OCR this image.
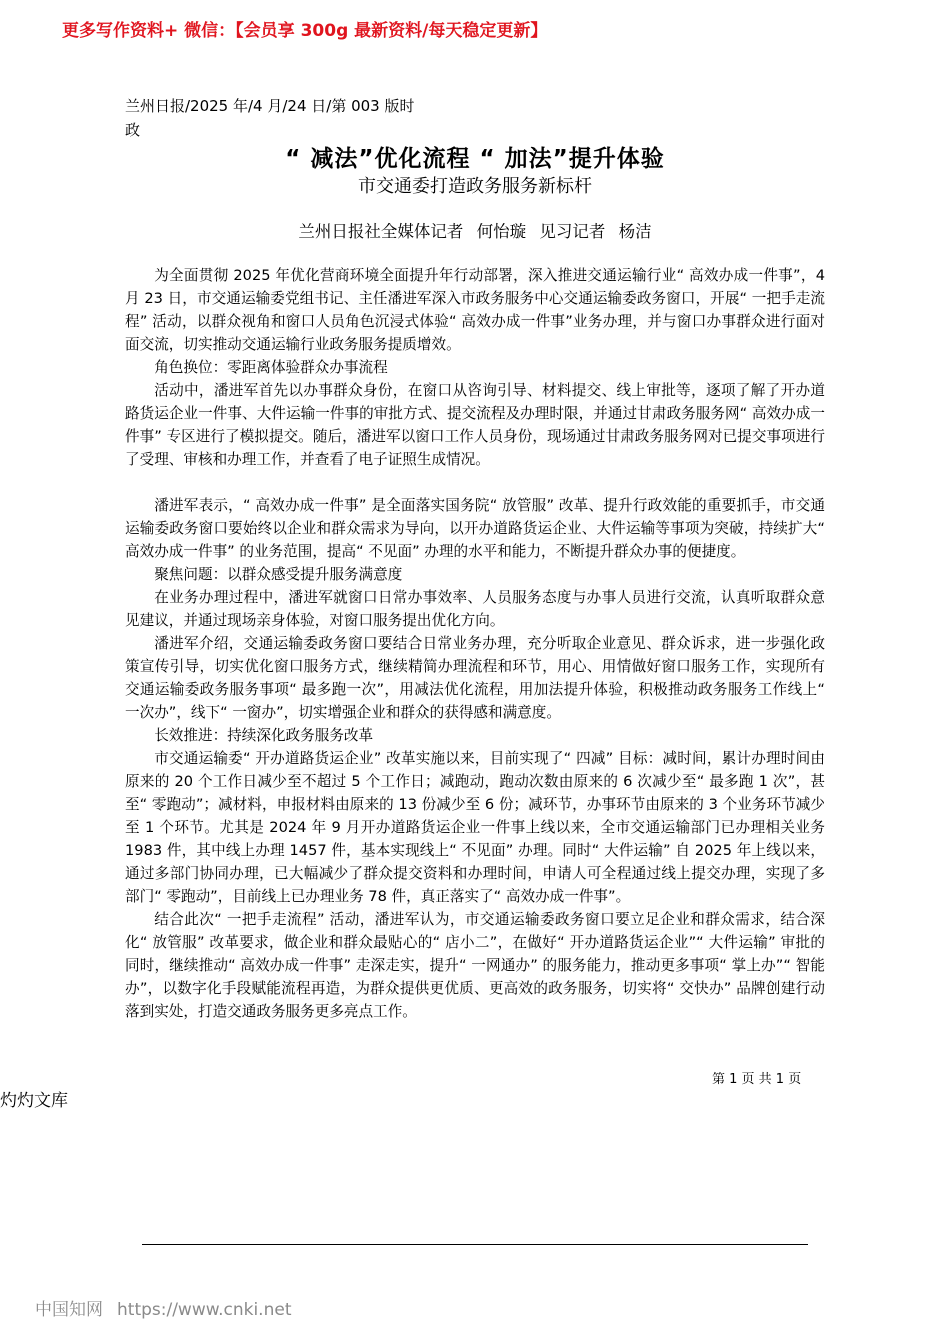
更多写作资料+ 微信：【会员享 300g 最新资料/每天稳定更新】
兰州日报/2025 年/4 月/24 日/第 003 版时政
“ 减法”优化流程 “ 加法”提升体验
市交通委打造政务服务新标杆
兰州日报社全媒体记者 何怡璇 见习记者 杨洁

为全面贯彻 2025 年优化营商环境全面提升年行动部署，深入推进交通运输行业“ 高效办成一件事”，4 月 23 日，市交通运输委党组书记、主任潘进军深入市政务服务中心交通运输委政务窗口，开展“ 一把手走流程” 活动，以群众视角和窗口人员角色沉浸式体验“ 高效办成一件事”业务办理，并与窗口办事群众进行面对面交流，切实推动交通运输行业政务服务提质增效。

角色换位：零距离体验群众办事流程

活动中，潘进军首先以办事群众身份，在窗口从咨询引导、材料提交、线上审批等，逐项了解了开办道路货运企业一件事、大件运输一件事的审批方式、提交流程及办理时限，并通过甘肃政务服务网“ 高效办成一件事” 专区进行了模拟提交。随后，潘进军以窗口工作人员身份，现场通过甘肃政务服务网对已提交事项进行了受理、审核和办理工作，并查看了电子证照生成情况。

潘进军表示，“ 高效办成一件事” 是全面落实国务院“ 放管服” 改革、提升行政效能的重要抓手，市交通运输委政务窗口要始终以企业和群众需求为导向，以开办道路货运企业、大件运输等事项为突破，持续扩大“ 高效办成一件事” 的业务范围，提高“ 不见面” 办理的水平和能力，不断提升群众办事的便捷度。

聚焦问题：以群众感受提升服务满意度

在业务办理过程中，潘进军就窗口日常办事效率、人员服务态度与办事人员进行交流，认真听取群众意见建议，并通过现场亲身体验，对窗口服务提出优化方向。

潘进军介绍，交通运输委政务窗口要结合日常业务办理，充分听取企业意见、群众诉求，进一步强化政策宣传引导，切实优化窗口服务方式，继续精简办理流程和环节，用心、用情做好窗口服务工作，实现所有交通运输委政务服务事项“ 最多跑一次”，用减法优化流程，用加法提升体验，积极推动政务服务工作线上“ 一次办”，线下“ 一窗办”，切实增强企业和群众的获得感和满意度。

长效推进：持续深化政务服务改革

市交通运输委“ 开办道路货运企业” 改革实施以来，目前实现了“ 四减” 目标：减时间，累计办理时间由原来的 20 个工作日减少至不超过 5 个工作日；减跑动，跑动次数由原来的 6 次减少至“ 最多跑 1 次”，甚至“ 零跑动”；减材料，申报材料由原来的 13 份减少至 6 份；减环节，办事环节由原来的 3 个业务环节减少至 1 个环节。尤其是 2024 年 9 月开办道路货运企业一件事上线以来，全市交通运输部门已办理相关业务 1983 件，其中线上办理 1457 件，基本实现线上“ 不见面” 办理。同时“ 大件运输” 自 2025 年上线以来，通过多部门协同办理，已大幅减少了群众提交资料和办理时间，申请人可全程通过线上提交办理，实现了多部门“ 零跑动”，目前线上已办理业务 78 件，真正落实了“ 高效办成一件事”。

结合此次“ 一把手走流程” 活动，潘进军认为，市交通运输委政务窗口要立足企业和群众需求，结合深化“ 放管服” 改革要求，做企业和群众最贴心的“ 店小二”，在做好“ 开办道路货运企业”“ 大件运输” 审批的同时，继续推动“ 高效办成一件事” 走深走实，提升“ 一网通办” 的服务能力，推动更多事项“ 掌上办”“ 智能办”，以数字化手段赋能流程再造，为群众提供更优质、更高效的政务服务，切实将“ 交快办” 品牌创建行动落到实处，打造交通政务服务更多亮点工作。

第 1 页 共 1 页
灼灼文库
中国知网 https://www.cnki.net
